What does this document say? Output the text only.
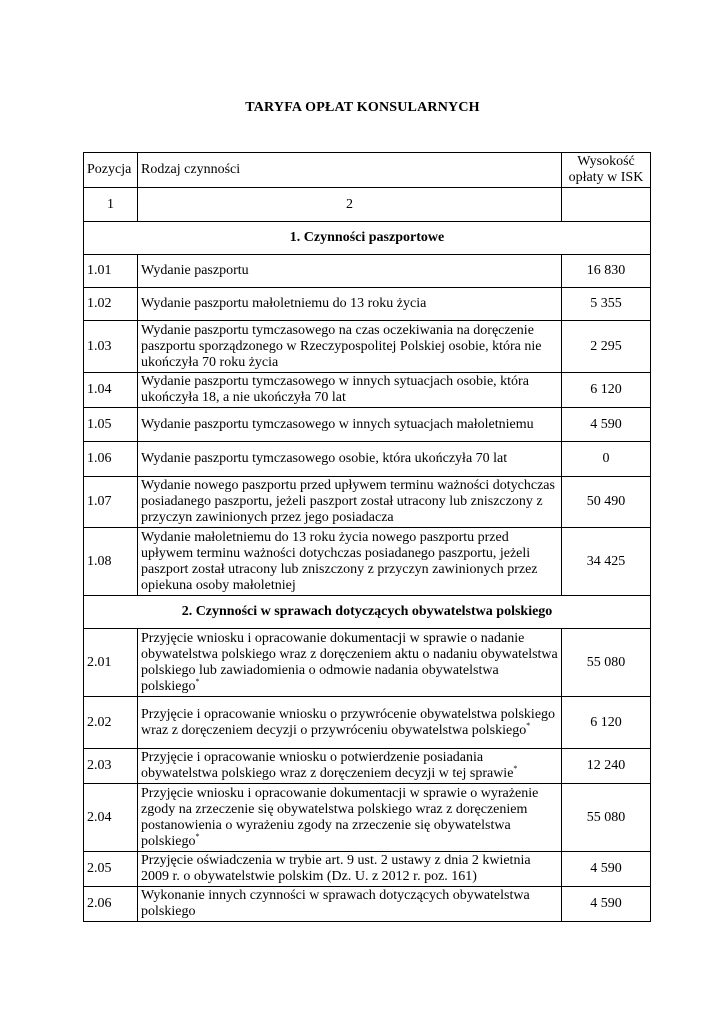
TARYFA OPŁAT KONSULARNYCH
Pozycja	Rodzaj czynności	Wysokość
opłaty w ISK
1	2	
1. Czynności paszportowe		
1.01	Wydanie paszportu	16 830
1.02	Wydanie paszportu małoletniemu do 13 roku życia	5 355
1.03	Wydanie paszportu tymczasowego na czas oczekiwania na doręczenie paszportu sporządzonego w Rzeczypospolitej Polskiej osobie, która nie ukończyła 70 roku życia	2 295
1.04	Wydanie paszportu tymczasowego w innych sytuacjach osobie, która ukończyła 18, a nie ukończyła 70 lat	6 120
1.05	Wydanie paszportu tymczasowego w innych sytuacjach małoletniemu	4 590
1.06	Wydanie paszportu tymczasowego osobie, która ukończyła 70 lat	0
1.07	Wydanie nowego paszportu przed upływem terminu ważności dotychczas posiadanego paszportu, jeżeli paszport został utracony lub zniszczony z przyczyn zawinionych przez jego posiadacza	50 490
1.08	Wydanie małoletniemu do 13 roku życia nowego paszportu przed upływem terminu ważności dotychczas posiadanego paszportu, jeżeli paszport został utracony lub zniszczony z przyczyn zawinionych przez opiekuna osoby małoletniej	34 425
2. Czynności w sprawach dotyczących obywatelstwa polskiego		
2.01	Przyjęcie wniosku i opracowanie dokumentacji w sprawie o nadanie obywatelstwa polskiego wraz z doręczeniem aktu o nadaniu obywatelstwa polskiego lub zawiadomienia o odmowie nadania obywatelstwa polskiego*	55 080
2.02	Przyjęcie i opracowanie wniosku o przywrócenie obywatelstwa polskiego wraz z doręczeniem decyzji o przywróceniu obywatelstwa polskiego*	6 120
2.03	Przyjęcie i opracowanie wniosku o potwierdzenie posiadania obywatelstwa polskiego wraz z doręczeniem decyzji w tej sprawie*	12 240
2.04	Przyjęcie wniosku i opracowanie dokumentacji w sprawie o wyrażenie zgody na zrzeczenie się obywatelstwa polskiego wraz z doręczeniem postanowienia o wyrażeniu zgody na zrzeczenie się obywatelstwa polskiego*	55 080
2.05	Przyjęcie oświadczenia w trybie art. 9 ust. 2 ustawy z dnia 2 kwietnia 2009 r. o obywatelstwie polskim (Dz. U. z 2012 r. poz. 161)	4 590
2.06	Wykonanie innych czynności w sprawach dotyczących obywatelstwa polskiego	4 590
